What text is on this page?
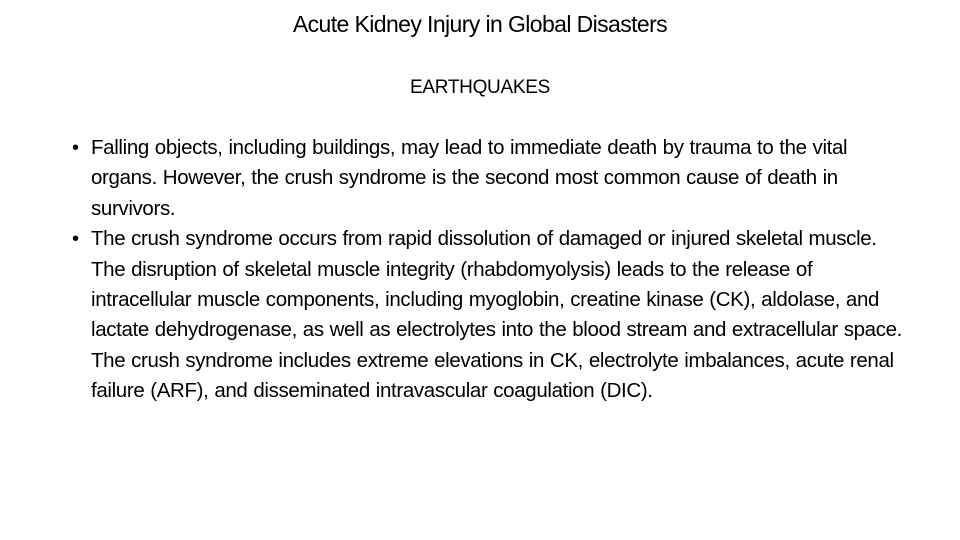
Acute Kidney Injury in Global Disasters
EARTHQUAKES
• Falling objects, including buildings, may lead to immediate death by trauma to the vital organs. However, the crush syndrome is the second most common cause of death in survivors.
• The crush syndrome occurs from rapid dissolution of damaged or injured skeletal muscle. The disruption of skeletal muscle integrity (rhabdomyolysis) leads to the release of intracellular muscle components, including myoglobin, creatine kinase (CK), aldolase, and lactate dehydrogenase, as well as electrolytes into the blood stream and extracellular space. The crush syndrome includes extreme elevations in CK, electrolyte imbalances, acute renal failure (ARF), and disseminated intravascular coagulation (DIC).
